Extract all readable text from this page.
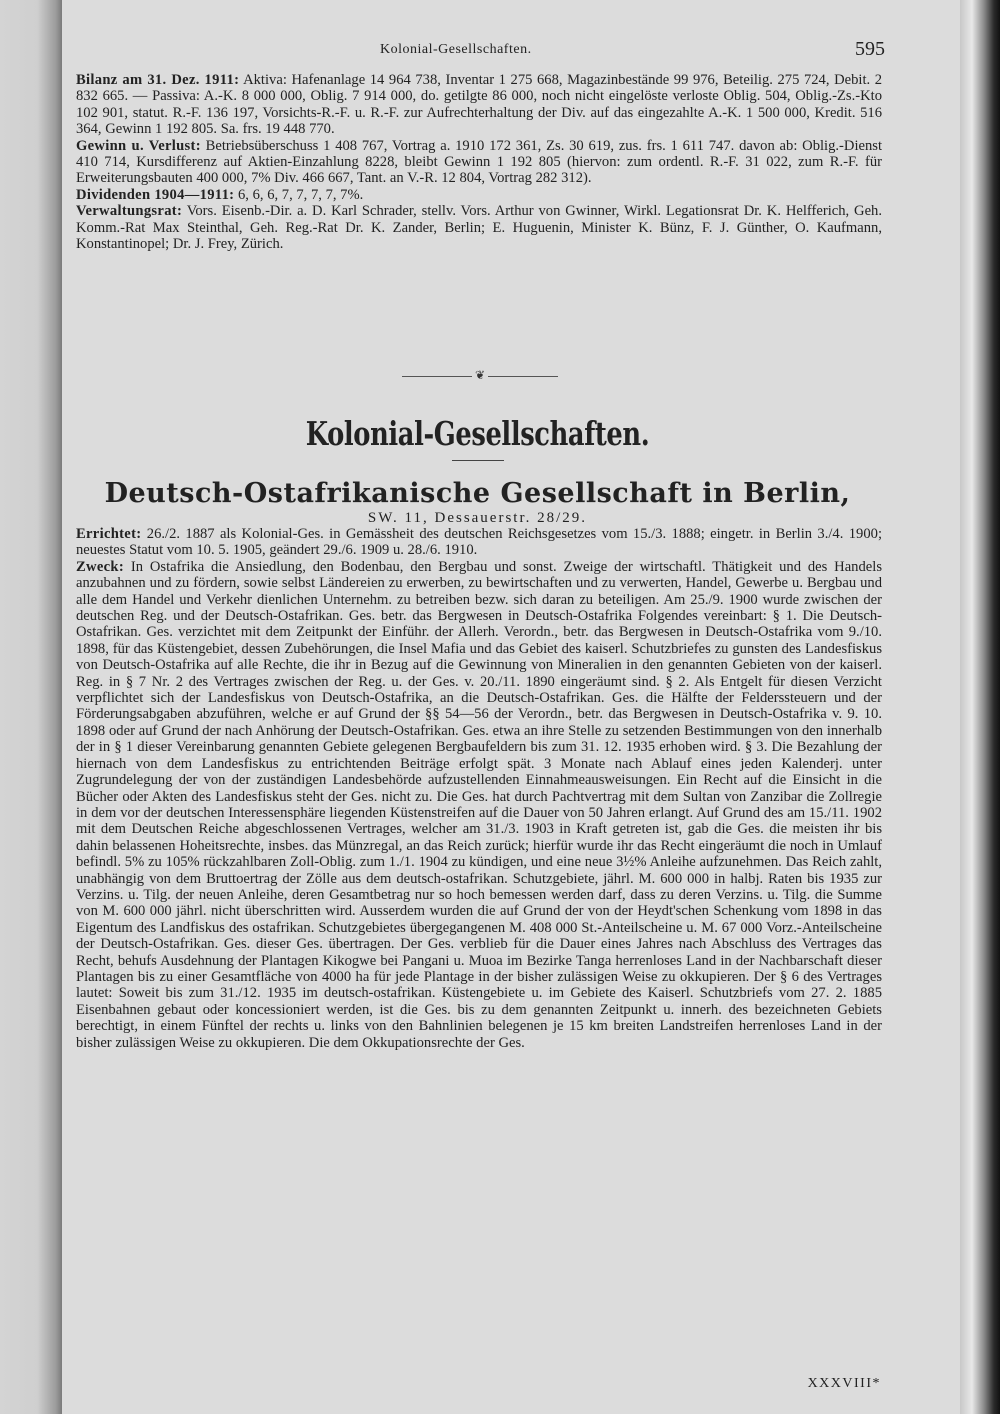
Kolonial-Gesellschaften.	595

Bilanz am 31. Dez. 1911: Aktiva: Hafenanlage 14 964 738, Inventar 1 275 668, Magazinbestände 99 976, Beteilig. 275 724, Debit. 2 832 665. — Passiva: A.-K. 8 000 000, Oblig. 7 914 000, do. getilgte 86 000, noch nicht eingelöste verloste Oblig. 504, Oblig.-Zs.-Kto 102 901, statut. R.-F. 136 197, Vorsichts-R.-F. u. R.-F. zur Aufrechterhaltung der Div. auf das eingezahlte A.-K. 1 500 000, Kredit. 516 364, Gewinn 1 192 805. Sa. frs. 19 448 770.

Gewinn u. Verlust: Betriebsüberschuss 1 408 767, Vortrag a. 1910 172 361, Zs. 30 619, zus. frs. 1 611 747. davon ab: Oblig.-Dienst 410 714, Kursdifferenz auf Aktien-Einzahlung 8228, bleibt Gewinn 1 192 805 (hiervon: zum ordentl. R.-F. 31 022, zum R.-F. für Erweiterungsbauten 400 000, 7% Div. 466 667, Tant. an V.-R. 12 804, Vortrag 282 312).

Dividenden 1904—1911: 6, 6, 6, 7, 7, 7, 7, 7%.

Verwaltungsrat: Vors. Eisenb.-Dir. a. D. Karl Schrader, stellv. Vors. Arthur von Gwinner, Wirkl. Legationsrat Dr. K. Helfferich, Geh. Komm.-Rat Max Steinthal, Geh. Reg.-Rat Dr. K. Zander, Berlin; E. Huguenin, Minister K. Bünz, F. J. Günther, O. Kaufmann, Konstantinopel; Dr. J. Frey, Zürich.

❦
Kolonial-Gesellschaften.
Deutsch-Ostafrikanische Gesellschaft in Berlin,
SW. 11, Dessauerstr. 28/29.

Errichtet: 26./2. 1887 als Kolonial-Ges. in Gemässheit des deutschen Reichsgesetzes vom 15./3. 1888; eingetr. in Berlin 3./4. 1900; neuestes Statut vom 10. 5. 1905, geändert 29./6. 1909 u. 28./6. 1910.

Zweck: In Ostafrika die Ansiedlung, den Bodenbau, den Bergbau und sonst. Zweige der wirtschaftl. Thätigkeit und des Handels anzubahnen und zu fördern, sowie selbst Ländereien zu erwerben, zu bewirtschaften und zu verwerten, Handel, Gewerbe u. Bergbau und alle dem Handel und Verkehr dienlichen Unternehm. zu betreiben bezw. sich daran zu beteiligen. Am 25./9. 1900 wurde zwischen der deutschen Reg. und der Deutsch-Ostafrikan. Ges. betr. das Bergwesen in Deutsch-Ostafrika Folgendes vereinbart: § 1. Die Deutsch-Ostafrikan. Ges. verzichtet mit dem Zeitpunkt der Einführ. der Allerh. Verordn., betr. das Bergwesen in Deutsch-Ostafrika vom 9./10. 1898, für das Küstengebiet, dessen Zubehörungen, die Insel Mafia und das Gebiet des kaiserl. Schutzbriefes zu gunsten des Landesfiskus von Deutsch-Ostafrika auf alle Rechte, die ihr in Bezug auf die Gewinnung von Mineralien in den genannten Gebieten von der kaiserl. Reg. in § 7 Nr. 2 des Vertrages zwischen der Reg. u. der Ges. v. 20./11. 1890 eingeräumt sind. § 2. Als Entgelt für diesen Verzicht verpflichtet sich der Landesfiskus von Deutsch-Ostafrika, an die Deutsch-Ostafrikan. Ges. die Hälfte der Felderssteuern und der Förderungsabgaben abzuführen, welche er auf Grund der §§ 54—56 der Verordn., betr. das Bergwesen in Deutsch-Ostafrika v. 9. 10. 1898 oder auf Grund der nach Anhörung der Deutsch-Ostafrikan. Ges. etwa an ihre Stelle zu setzenden Bestimmungen von den innerhalb der in § 1 dieser Vereinbarung genannten Gebiete gelegenen Bergbaufeldern bis zum 31. 12. 1935 erhoben wird. § 3. Die Bezahlung der hiernach von dem Landesfiskus zu entrichtenden Beiträge erfolgt spät. 3 Monate nach Ablauf eines jeden Kalenderj. unter Zugrundelegung der von der zuständigen Landesbehörde aufzustellenden Einnahmeausweisungen. Ein Recht auf die Einsicht in die Bücher oder Akten des Landesfiskus steht der Ges. nicht zu. Die Ges. hat durch Pachtvertrag mit dem Sultan von Zanzibar die Zollregie in dem vor der deutschen Interessensphäre liegenden Küstenstreifen auf die Dauer von 50 Jahren erlangt. Auf Grund des am 15./11. 1902 mit dem Deutschen Reiche abgeschlossenen Vertrages, welcher am 31./3. 1903 in Kraft getreten ist, gab die Ges. die meisten ihr bis dahin belassenen Hoheitsrechte, insbes. das Münzregal, an das Reich zurück; hierfür wurde ihr das Recht eingeräumt die noch in Umlauf befindl. 5% zu 105% rückzahlbaren Zoll-Oblig. zum 1./1. 1904 zu kündigen, und eine neue 3½% Anleihe aufzunehmen. Das Reich zahlt, unabhängig von dem Bruttoertrag der Zölle aus dem deutsch-ostafrikan. Schutzgebiete, jährl. M. 600 000 in halbj. Raten bis 1935 zur Verzins. u. Tilg. der neuen Anleihe, deren Gesamtbetrag nur so hoch bemessen werden darf, dass zu deren Verzins. u. Tilg. die Summe von M. 600 000 jährl. nicht überschritten wird. Ausserdem wurden die auf Grund der von der Heydt'schen Schenkung vom 1898 in das Eigentum des Landfiskus des ostafrikan. Schutzgebietes übergegangenen M. 408 000 St.-Anteilscheine u. M. 67 000 Vorz.-Anteilscheine der Deutsch-Ostafrikan. Ges. dieser Ges. übertragen. Der Ges. verblieb für die Dauer eines Jahres nach Abschluss des Vertrages das Recht, behufs Ausdehnung der Plantagen Kikogwe bei Pangani u. Muoa im Bezirke Tanga herrenloses Land in der Nachbarschaft dieser Plantagen bis zu einer Gesamtfläche von 4000 ha für jede Plantage in der bisher zulässigen Weise zu okkupieren. Der § 6 des Vertrages lautet: Soweit bis zum 31./12. 1935 im deutsch-ostafrikan. Küstengebiete u. im Gebiete des Kaiserl. Schutzbriefs vom 27. 2. 1885 Eisenbahnen gebaut oder koncessioniert werden, ist die Ges. bis zu dem genannten Zeitpunkt u. innerh. des bezeichneten Gebiets berechtigt, in einem Fünftel der rechts u. links von den Bahnlinien belegenen je 15 km breiten Landstreifen herrenloses Land in der bisher zulässigen Weise zu okkupieren. Die dem Okkupationsrechte der Ges.

XXXVIII*
